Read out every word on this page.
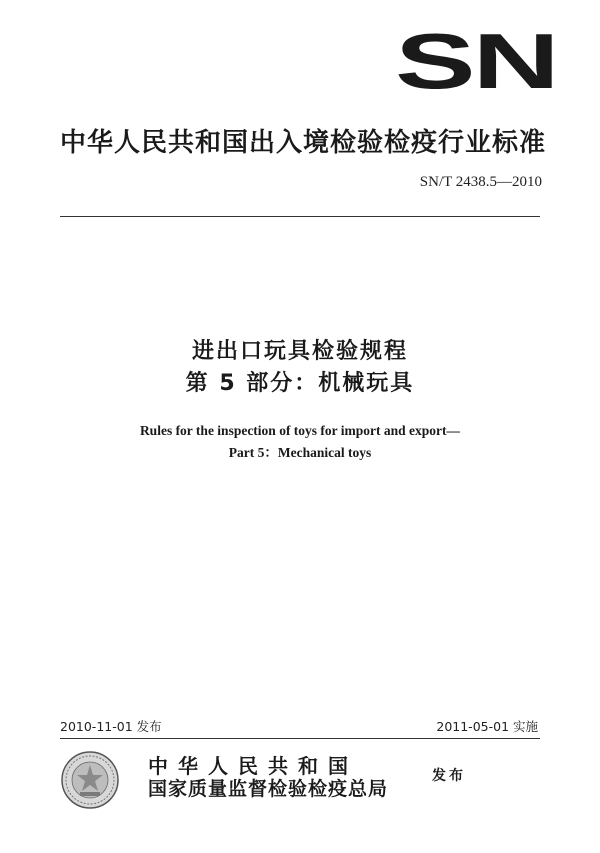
SN
中华人民共和国出入境检验检疫行业标准
SN/T 2438.5—2010
进出口玩具检验规程
第 5 部分：机械玩具
Rules for the inspection of toys for import and export—
Part 5：Mechanical toys
2010-11-01 发布	2011-05-01 实施
中华人民共和国
国家质量监督检验检疫总局
发布
